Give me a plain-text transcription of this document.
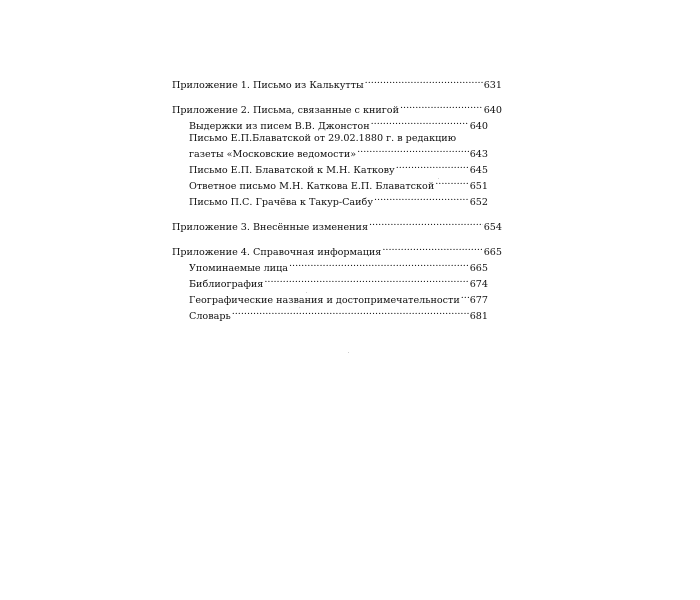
Приложение 1. Письмо из Калькутты .....	631
Приложение 2. Письма, связанные с книгой .....	640
Выдержки из писем В.В. Джонстон .....	640
Письмо Е.П.Блаватской от 29.02.1880 г. в редакцию
газеты «Московские ведомости» .....	643
Письмо Е.П. Блаватской к М.Н. Каткову .....	645
Ответное письмо М.Н. Каткова Е.П. Блаватской .....	651
Письмо П.С. Грачёва к Такур-Саибу .....	652
Приложение 3. Внесённые изменения .....	654
Приложение 4. Справочная информация .....	665
Упоминаемые лица .....	665
Библиография .....	674
Географические названия и достопримечательности ..... 677
Словарь .....	681
